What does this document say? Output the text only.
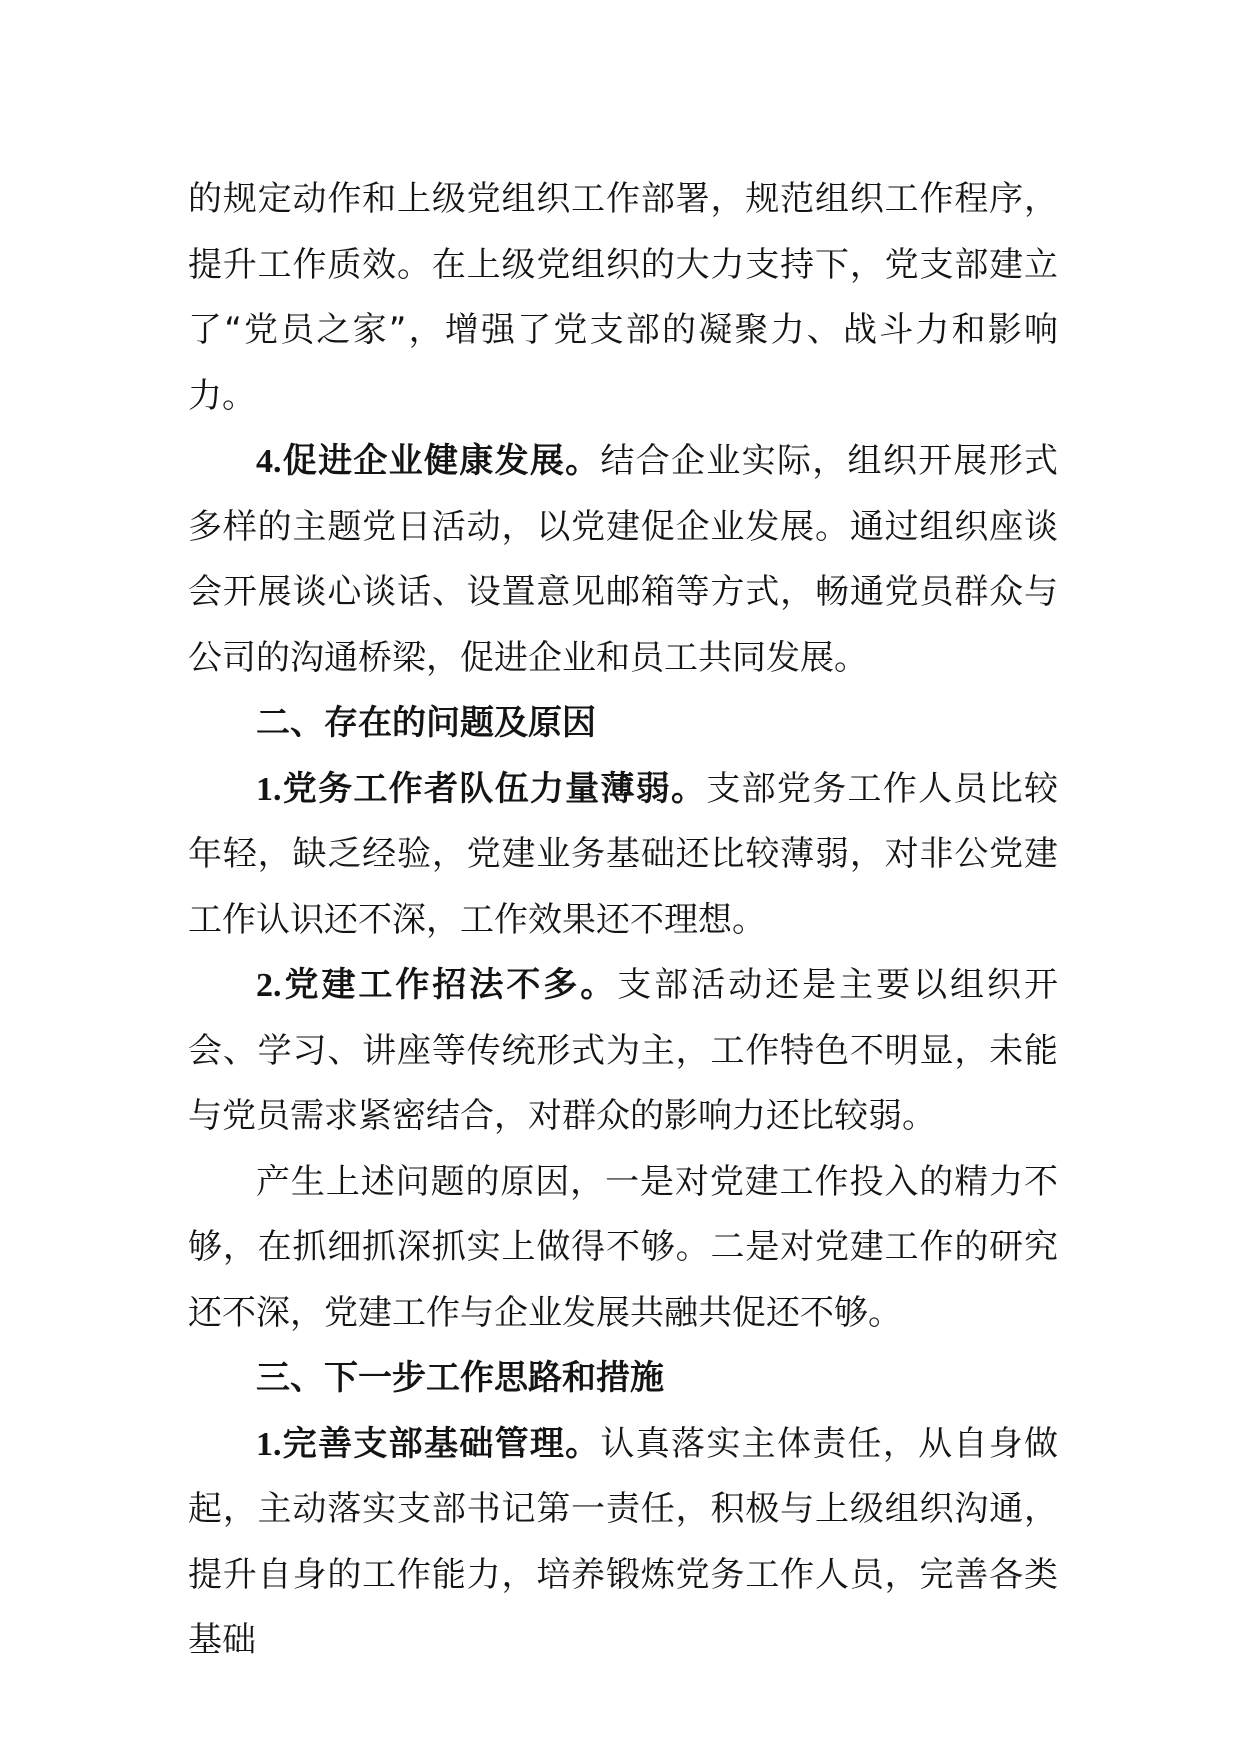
的规定动作和上级党组织工作部署，规范组织工作程序，提升工作质效。在上级党组织的大力支持下，党支部建立了“党员之家”，增强了党支部的凝聚力、战斗力和影响力。

4.促进企业健康发展。结合企业实际，组织开展形式多样的主题党日活动，以党建促企业发展。通过组织座谈会开展谈心谈话、设置意见邮箱等方式，畅通党员群众与公司的沟通桥梁，促进企业和员工共同发展。

二、存在的问题及原因

1.党务工作者队伍力量薄弱。支部党务工作人员比较年轻，缺乏经验，党建业务基础还比较薄弱，对非公党建工作认识还不深，工作效果还不理想。

2.党建工作招法不多。支部活动还是主要以组织开会、学习、讲座等传统形式为主，工作特色不明显，未能与党员需求紧密结合，对群众的影响力还比较弱。

产生上述问题的原因，一是对党建工作投入的精力不够，在抓细抓深抓实上做得不够。二是对党建工作的研究还不深，党建工作与企业发展共融共促还不够。

三、下一步工作思路和措施

1.完善支部基础管理。认真落实主体责任，从自身做起，主动落实支部书记第一责任，积极与上级组织沟通，提升自身的工作能力，培养锻炼党务工作人员，完善各类基础
